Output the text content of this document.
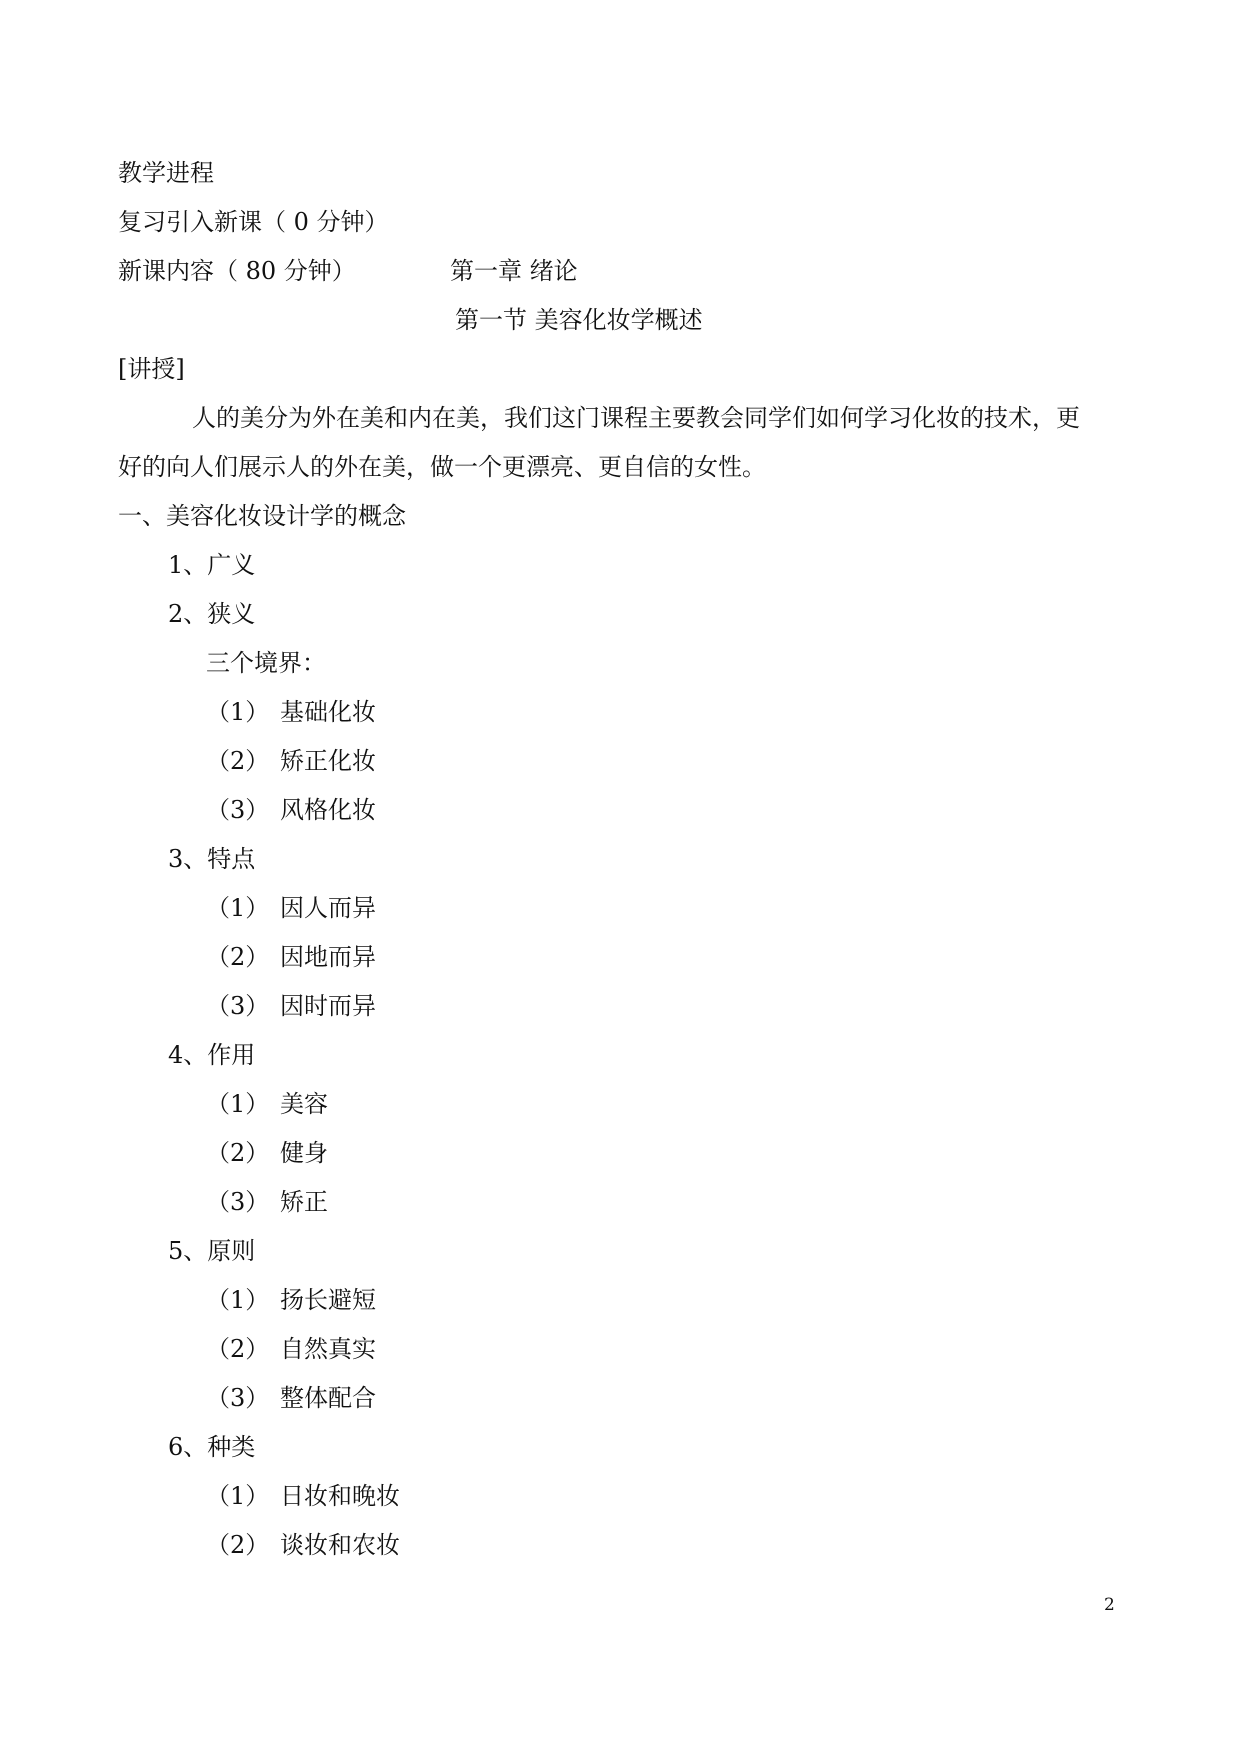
教学进程
复习引入新课（ 0 分钟）
新课内容（ 80 分钟）	第一章 绪论
第一节 美容化妆学概述
[讲授]
人的美分为外在美和内在美，我们这门课程主要教会同学们如何学习化妆的技术，更
好的向人们展示人的外在美，做一个更漂亮、更自信的女性。
一、美容化妆设计学的概念
1、广义
2、狭义
三个境界：
（1） 基础化妆
（2） 矫正化妆
（3） 风格化妆
3、特点
（1） 因人而异
（2） 因地而异
（3） 因时而异
4、作用
（1） 美容
（2） 健身
（3） 矫正
5、原则
（1） 扬长避短
（2） 自然真实
（3） 整体配合
6、种类
（1） 日妆和晚妆
（2） 谈妆和农妆
2
